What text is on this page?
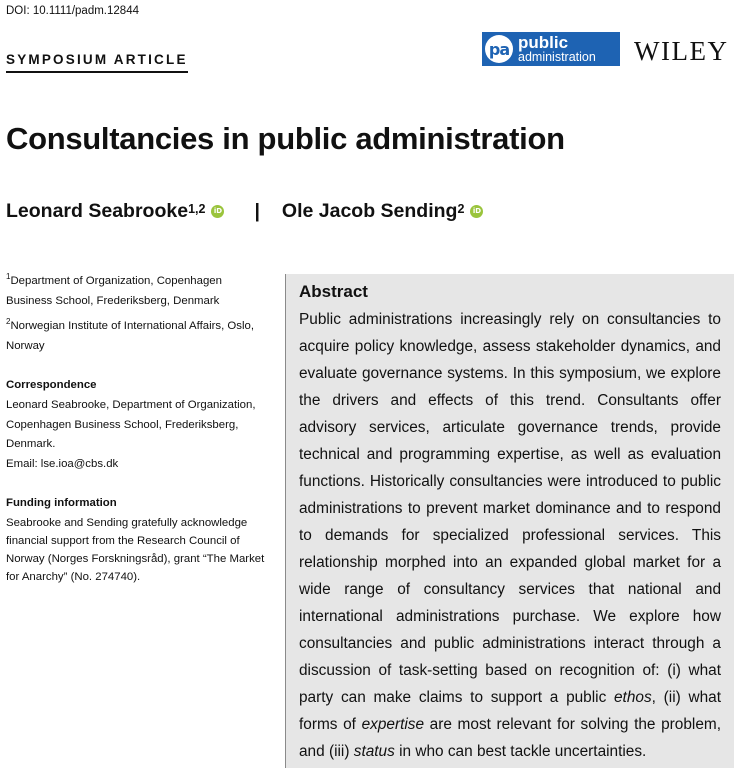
DOI: 10.1111/padm.12844
SYMPOSIUM ARTICLE
pa public
administration WILEY
Consultancies in public administration
Leonard Seabrooke$^{1,2}$	iD | Ole Jacob Sending$^2$	iD

$^1$Department of Organization, Copenhagen Business School, Frederiksberg, Denmark

$^2$Norwegian Institute of International Affairs, Oslo, Norway

Correspondence

Leonard Seabrooke, Department of Organization, Copenhagen Business School, Frederiksberg, Denmark.

Email: lse.ioa@cbs.dk

Funding information

Seabrooke and Sending gratefully acknowledge financial support from the Research Council of Norway (Norges Forskningsråd), grant “The Market for Anarchy” (No. 274740).

Abstract

Public administrations increasingly rely on consultancies to acquire policy knowledge, assess stakeholder dynamics, and evaluate governance systems. In this symposium, we explore the drivers and effects of this trend. Consultants offer advisory services, articulate governance trends, provide technical and programming expertise, as well as evaluation functions. Historically consultancies were introduced to public administrations to prevent market dominance and to respond to demands for specialized professional services. This relationship morphed into an expanded global market for a wide range of consultancy services that national and international administrations purchase. We explore how consultancies and public administrations interact through a discussion of task-setting based on recognition of: (i) what party can make claims to support a public ethos, (ii) what forms of expertise are most relevant for solving the problem, and (iii) status in who can best tackle uncertainties.
